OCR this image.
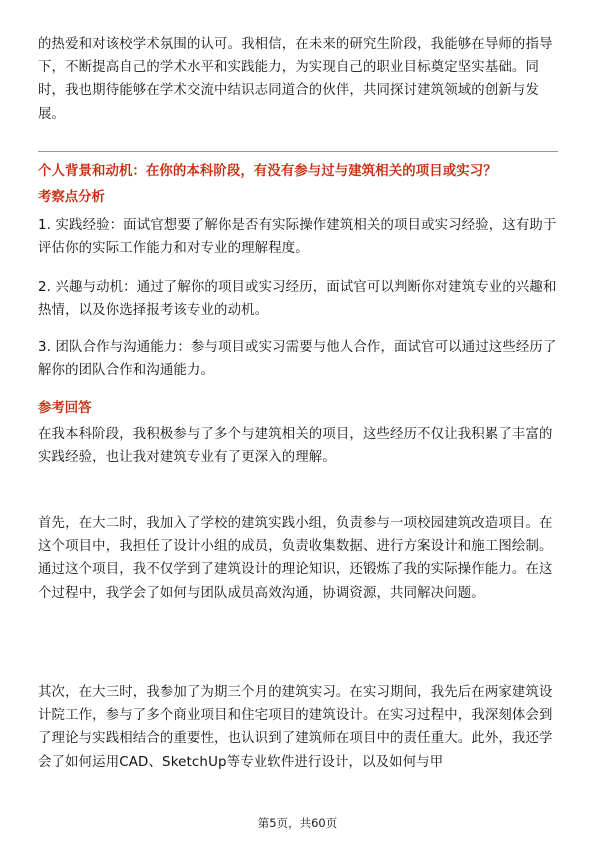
的热爱和对该校学术氛围的认可。我相信，在未来的研究生阶段，我能够在导师的指导下，不断提高自己的学术水平和实践能力，为实现自己的职业目标奠定坚实基础。同时，我也期待能够在学术交流中结识志同道合的伙伴，共同探讨建筑领域的创新与发展。

个人背景和动机：在你的本科阶段，有没有参与过与建筑相关的项目或实习？

考察点分析

1. 实践经验：面试官想要了解你是否有实际操作建筑相关的项目或实习经验，这有助于评估你的实际工作能力和对专业的理解程度。

2. 兴趣与动机：通过了解你的项目或实习经历，面试官可以判断你对建筑专业的兴趣和热情，以及你选择报考该专业的动机。

3. 团队合作与沟通能力：参与项目或实习需要与他人合作，面试官可以通过这些经历了解你的团队合作和沟通能力。

参考回答

在我本科阶段，我积极参与了多个与建筑相关的项目，这些经历不仅让我积累了丰富的实践经验，也让我对建筑专业有了更深入的理解。

首先，在大二时，我加入了学校的建筑实践小组，负责参与一项校园建筑改造项目。在这个项目中，我担任了设计小组的成员，负责收集数据、进行方案设计和施工图绘制。通过这个项目，我不仅学到了建筑设计的理论知识，还锻炼了我的实际操作能力。在这个过程中，我学会了如何与团队成员高效沟通，协调资源，共同解决问题。

其次，在大三时，我参加了为期三个月的建筑实习。在实习期间，我先后在两家建筑设计院工作，参与了多个商业项目和住宅项目的建筑设计。在实习过程中，我深刻体会到了理论与实践相结合的重要性，也认识到了建筑师在项目中的责任重大。此外，我还学会了如何运用CAD、SketchUp等专业软件进行设计，以及如何与甲

第5页，共60页
